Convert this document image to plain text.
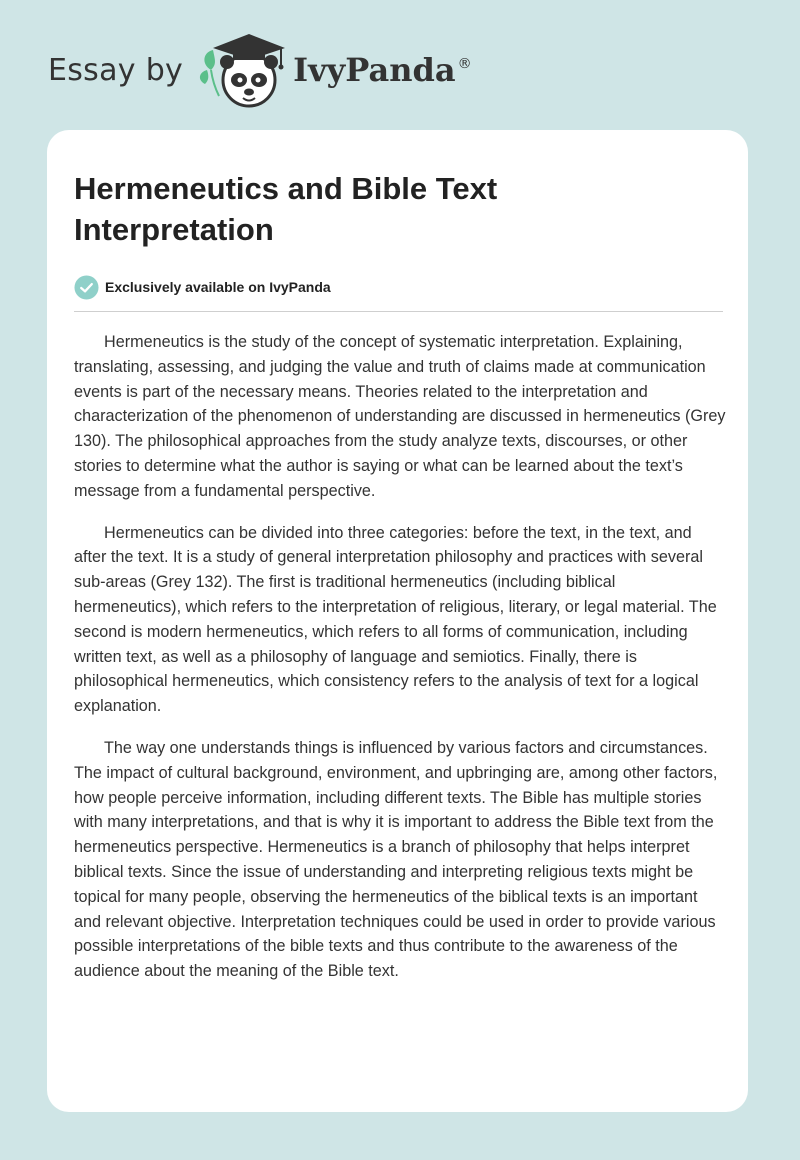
Essay by	IvyPanda ®
Hermeneutics and Bible Text Interpretation
Exclusively available on IvyPanda

Hermeneutics is the study of the concept of systematic interpretation. Explaining, translating, assessing, and judging the value and truth of claims made at communication events is part of the necessary means. Theories related to the interpretation and characterization of the phenomenon of understanding are discussed in hermeneutics (Grey 130). The philosophical approaches from the study analyze texts, discourses, or other stories to determine what the author is saying or what can be learned about the text’s message from a fundamental perspective.

Hermeneutics can be divided into three categories: before the text, in the text, and after the text. It is a study of general interpretation philosophy and practices with several sub-areas (Grey 132). The first is traditional hermeneutics (including biblical hermeneutics), which refers to the interpretation of religious, literary, or legal material. The second is modern hermeneutics, which refers to all forms of communication, including written text, as well as a philosophy of language and semiotics. Finally, there is philosophical hermeneutics, which consistency refers to the analysis of text for a logical explanation.

The way one understands things is influenced by various factors and circumstances. The impact of cultural background, environment, and upbringing are, among other factors, how people perceive information, including different texts. The Bible has multiple stories with many interpretations, and that is why it is important to address the Bible text from the hermeneutics perspective. Hermeneutics is a branch of philosophy that helps interpret biblical texts. Since the issue of understanding and interpreting religious texts might be topical for many people, observing the hermeneutics of the biblical texts is an important and relevant objective. Interpretation techniques could be used in order to provide various possible interpretations of the bible texts and thus contribute to the awareness of the audience about the meaning of the Bible text.
